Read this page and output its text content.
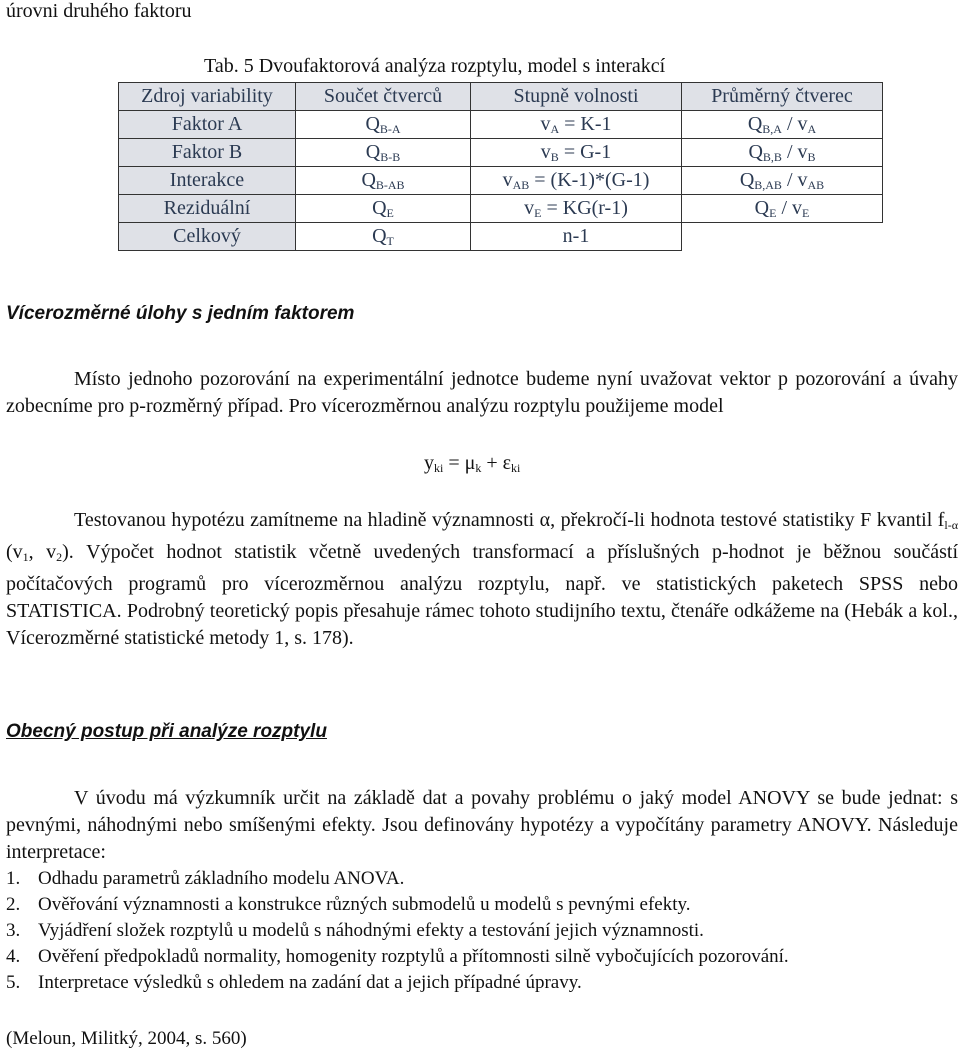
úrovni druhého faktoru

Tab. 5 Dvoufaktorová analýza rozptylu, model s interakcí

Zdroj variability	Součet čtverců	Stupně volnosti	Průměrný čtverec
Faktor A	$Q_{B-A}$	$v_A = K-1$	$Q_{B,A} / v_A$
Faktor B	$Q_{B-B}$	$v_B = G-1$	$Q_{B,B} / v_B$
Interakce	$Q_{B-AB}$	$v_{AB} = (K-1)*(G-1)$	$Q_{B,AB} / v_{AB}$
Reziduální	$Q_E$	$v_E = KG(r-1)$	$Q_E / v_E$
Celkový	$Q_T$	n-1	

Vícerozměrné úlohy s jedním faktorem

Místo jednoho pozorování na experimentální jednotce budeme nyní uvažovat vektor p pozorování a úvahy zobecníme pro p-rozměrný případ. Pro vícerozměrnou analýzu rozptylu použijeme model

$y_{ki} = \mu_k + \varepsilon_{ki}$

Testovanou hypotézu zamítneme na hladině významnosti α, překročí-li hodnota testové statistiky F kvantil $f_{l-\alpha}$ ($v_1$, $v_2$). Výpočet hodnot statistik včetně uvedených transformací a příslušných p-hodnot je běžnou součástí počítačových programů pro vícerozměrnou analýzu rozptylu, např. ve statistických paketech SPSS nebo STATISTICA. Podrobný teoretický popis přesahuje rámec tohoto studijního textu, čtenáře odkážeme na (Hebák a kol., Vícerozměrné statistické metody 1, s. 178).

Obecný postup při analýze rozptylu

V úvodu má výzkumník určit na základě dat a povahy problému o jaký model ANOVY se bude jednat: s pevnými, náhodnými nebo smíšenými efekty. Jsou definovány hypotézy a vypočítány parametry ANOVY. Následuje interpretace:

1. Odhadu parametrů základního modelu ANOVA.
2. Ověřování významnosti a konstrukce různých submodelů u modelů s pevnými efekty.
3. Vyjádření složek rozptylů u modelů s náhodnými efekty a testování jejich významnosti.
4. Ověření předpokladů normality, homogenity rozptylů a přítomnosti silně vybočujících pozorování.
5. Interpretace výsledků s ohledem na zadání dat a jejich případné úpravy.

(Meloun, Militký, 2004, s. 560)
